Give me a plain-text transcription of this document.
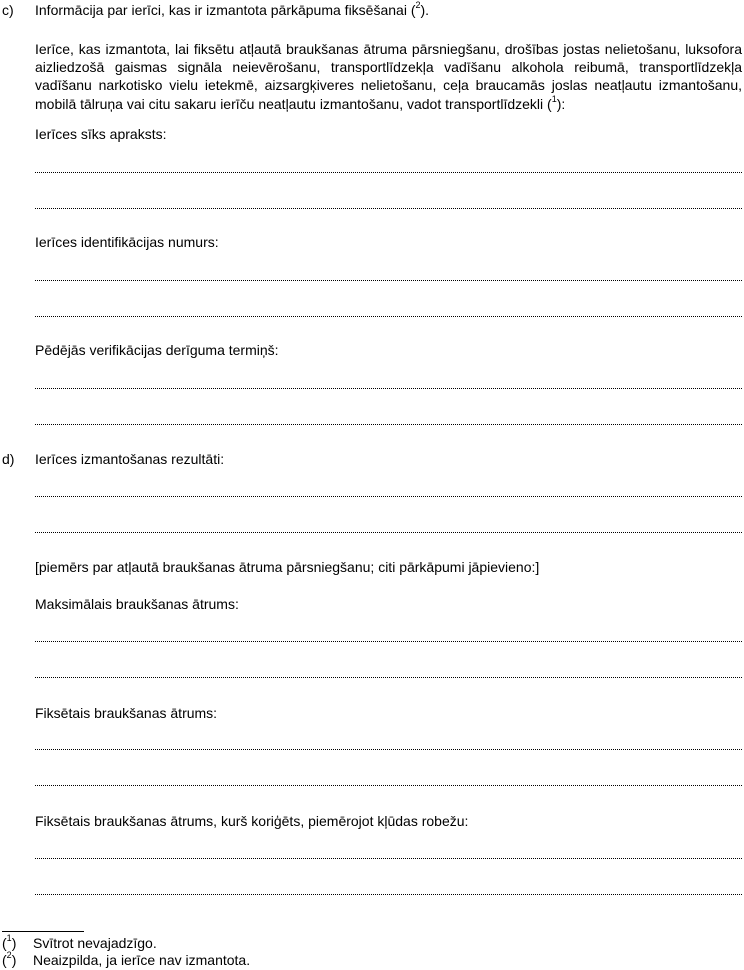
c) Informācija par ierīci, kas ir izmantota pārkāpuma fiksēšanai ($^2$).
Ierīce, kas izmantota, lai fiksētu atļautā braukšanas ātruma pārsniegšanu, drošības jostas nelietošanu, luksofora aizliedzošā gaismas signāla neievērošanu, transportlīdzekļa vadīšanu alkohola reibumā, transportlīdzekļa vadīšanu narkotisko vielu ietekmē, aizsargķiveres nelietošanu, ceļa braucamās joslas neatļautu izmantošanu, mobilā tālruņa vai citu sakaru ierīču neatļautu izmantošanu, vadot transportlīdzekli ($^1$):
Ierīces sīks apraksts:
Ierīces identifikācijas numurs:
Pēdējās verifikācijas derīguma termiņš:
d) Ierīces izmantošanas rezultāti:
[piemērs par atļautā braukšanas ātruma pārsniegšanu; citi pārkāpumi jāpievieno:]
Maksimālais braukšanas ātrums:
Fiksētais braukšanas ātrums:
Fiksētais braukšanas ātrums, kurš koriģēts, piemērojot kļūdas robežu:
($^1$) Svītrot nevajadzīgo.
($^2$) Neaizpilda, ja ierīce nav izmantota.
